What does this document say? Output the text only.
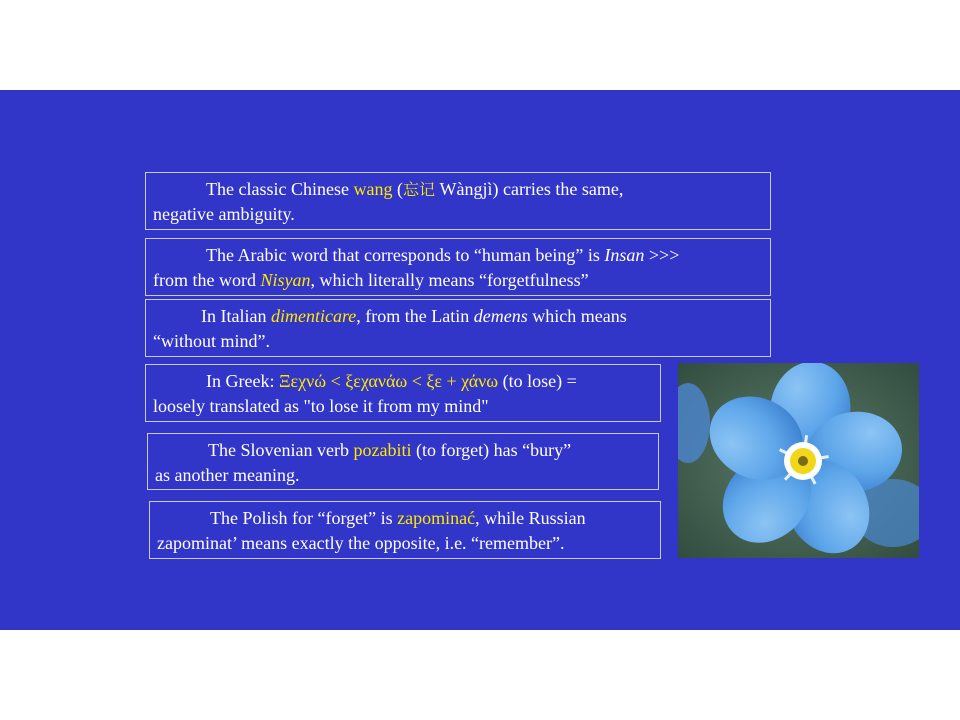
The classic Chinese wang (忘记 Wàngjì) carries the same,
negative ambiguity.
The Arabic word that corresponds to “human being” is Insan >>>
from the word Nisyan, which literally means “forgetfulness”
In Italian dimenticare, from the Latin demens which means
“without mind”.
In Greek: Ξεχνώ < ξεχανάω < ξε + χάνω (to lose) =
loosely translated as "to lose it from my mind"
The Slovenian verb pozabiti (to forget) has “bury”
as another meaning.
The Polish for “forget” is zapominać, while Russian
zapominat’ means exactly the opposite, i.e. “remember”.
